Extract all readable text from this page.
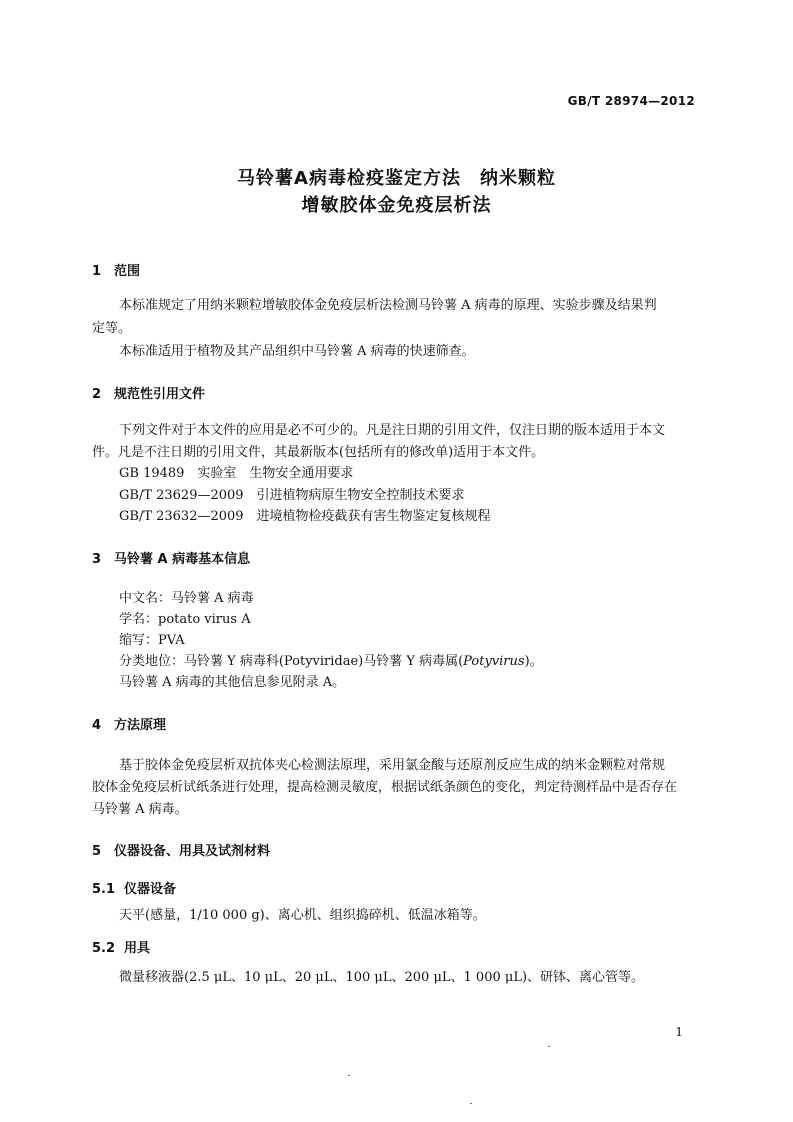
GB/T 28974—2012
马铃薯A病毒检疫鉴定方法　纳米颗粒
增敏胶体金免疫层析法
1 范围
本标准规定了用纳米颗粒增敏胶体金免疫层析法检测马铃薯 A 病毒的原理、实验步骤及结果判
定等。
本标准适用于植物及其产品组织中马铃薯 A 病毒的快速筛查。
2 规范性引用文件
下列文件对于本文件的应用是必不可少的。凡是注日期的引用文件，仅注日期的版本适用于本文
件。凡是不注日期的引用文件，其最新版本(包括所有的修改单)适用于本文件。
GB 19489　实验室　生物安全通用要求
GB/T 23629—2009　引进植物病原生物安全控制技术要求
GB/T 23632—2009　进境植物检疫截获有害生物鉴定复核规程
3 马铃薯 A 病毒基本信息
中文名：马铃薯 A 病毒
学名：potato virus A
缩写：PVA
分类地位：马铃薯 Y 病毒科(Potyviridae)马铃薯 Y 病毒属(Potyvirus)。
马铃薯 A 病毒的其他信息参见附录 A。
4 方法原理
基于胶体金免疫层析双抗体夹心检测法原理，采用氯金酸与还原剂反应生成的纳米金颗粒对常规
胶体金免疫层析试纸条进行处理，提高检测灵敏度，根据试纸条颜色的变化，判定待测样品中是否存在
马铃薯 A 病毒。
5 仪器设备、用具及试剂材料
5.1 仪器设备
天平(感量，1/10 000 g)、离心机、组织捣碎机、低温冰箱等。
5.2 用具
微量移液器(2.5 μL、10 μL、20 μL、100 μL、200 μL、1 000 μL)、研钵、离心管等。
1
